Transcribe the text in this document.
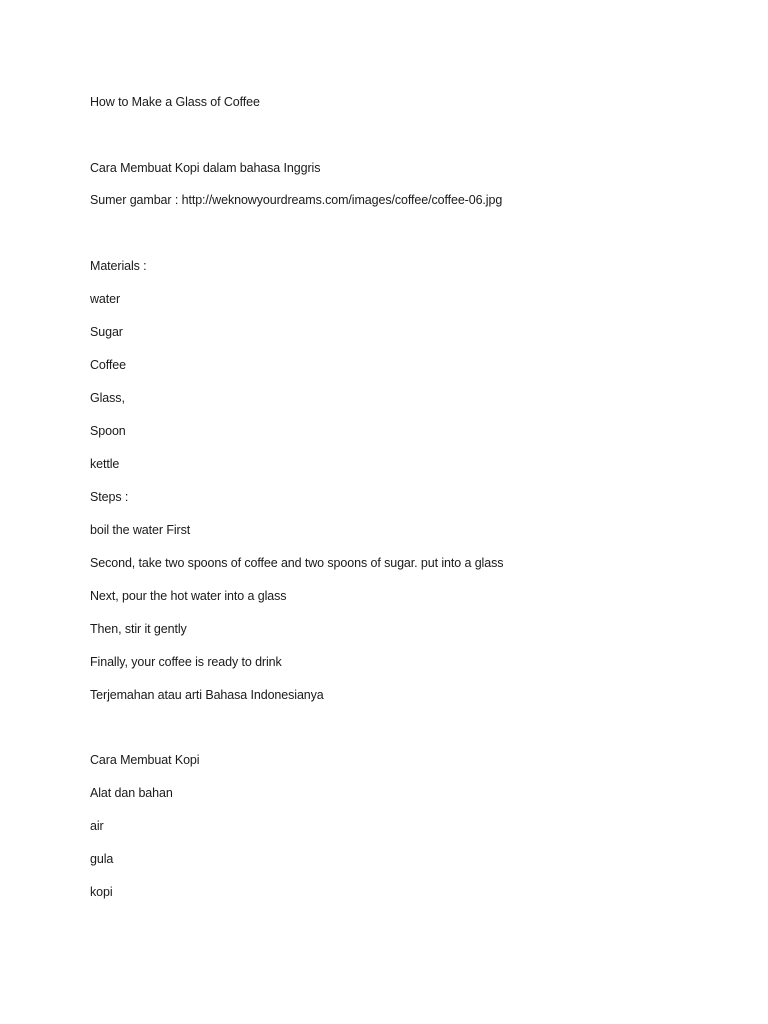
How to Make a Glass of Coffee
Cara Membuat Kopi dalam bahasa Inggris
Sumer gambar : http://weknowyourdreams.com/images/coffee/coffee-06.jpg
Materials :
water
Sugar
Coffee
Glass,
Spoon
kettle
Steps :
boil the water First
Second, take two spoons of coffee and two spoons of sugar. put into a glass
Next, pour the hot water into a glass
Then, stir it gently
Finally, your coffee is ready to drink
Terjemahan atau arti Bahasa Indonesianya
Cara Membuat Kopi
Alat dan bahan
air
gula
kopi
